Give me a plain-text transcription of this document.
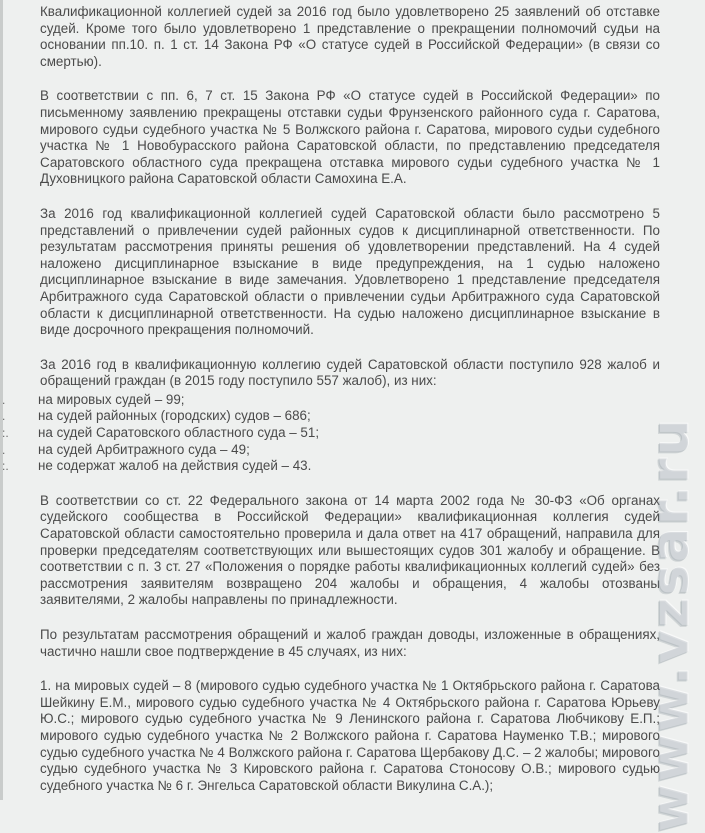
Квалификационной коллегией судей за 2016 год было удовлетворено 25 заявлений об отставке судей. Кроме того было удовлетворено 1 представление о прекращении полномочий судьи на основании пп.10. п. 1 ст. 14 Закона РФ «О статусе судей в Российской Федерации» (в связи со смертью).

В соответствии с пп. 6, 7 ст. 15 Закона РФ «О статусе судей в Российской Федерации» по письменному заявлению прекращены отставки судьи Фрунзенского районного суда г. Саратова, мирового судьи судебного участка № 5 Волжского района г. Саратова, мирового судьи судебного участка № 1 Новобурасского района Саратовской области, по представлению председателя Саратовского областного суда прекращена отставка мирового судьи судебного участка № 1 Духовницкого района Саратовской области Самохина Е.А.

За 2016 год квалификационной коллегией судей Саратовской области было рассмотрено 5 представлений о привлечении судей районных судов к дисциплинарной ответственности. По результатам рассмотрения приняты решения об удовлетворении представлений. На 4 судей наложено дисциплинарное взыскание в виде предупреждения, на 1 судью наложено дисциплинарное взыскание в виде замечания. Удовлетворено 1 представление председателя Арбитражного суда Саратовской области о привлечении судьи Арбитражного суда Саратовской области к дисциплинарной ответственности. На судью наложено дисциплинарное взыскание в виде досрочного прекращения полномочий.

За 2016 год в квалификационную коллегию судей Саратовской области поступило 928 жалоб и обращений граждан (в 2015 году поступило 557 жалоб), из них:

.	на мировых судей – 99;
.	на судей районных (городских) судов – 686;
:.	на судей Саратовского областного суда – 51;
.	на судей Арбитражного суда – 49;
:.	не содержат жалоб на действия судей – 43.

В соответствии со ст. 22 Федерального закона от 14 марта 2002 года № 30-ФЗ «Об органах судейского сообщества в Российской Федерации» квалификационная коллегия судей Саратовской области самостоятельно проверила и дала ответ на 417 обращений, направила для проверки председателям соответствующих или вышестоящих судов 301 жалобу и обращение. В соответствии с п. 3 ст. 27 «Положения о порядке работы квалификационных коллегий судей» без рассмотрения заявителям возвращено 204 жалобы и обращения, 4 жалобы отозваны заявителями, 2 жалобы направлены по принадлежности.

По результатам рассмотрения обращений и жалоб граждан доводы, изложенные в обращениях, частично нашли свое подтверждение в 45 случаях, из них:

1. на мировых судей – 8 (мирового судью судебного участка № 1 Октябрьского района г. Саратова Шейкину Е.М., мирового судью судебного участка № 4 Октябрьского района г. Саратова Юрьеву Ю.С.; мирового судью судебного участка № 9 Ленинского района г. Саратова Любчикову Е.П.; мирового судью судебного участка № 2 Волжского района г. Саратова Науменко Т.В.; мирового судью судебного участка № 4 Волжского района г. Саратова Щербакову Д.С. – 2 жалобы; мирового судью судебного участка № 3 Кировского района г. Саратова Стоносову О.В.; мирового судью судебного участка № 6 г. Энгельса Саратовской области Викулина С.А.);	www.vzsar.ru
